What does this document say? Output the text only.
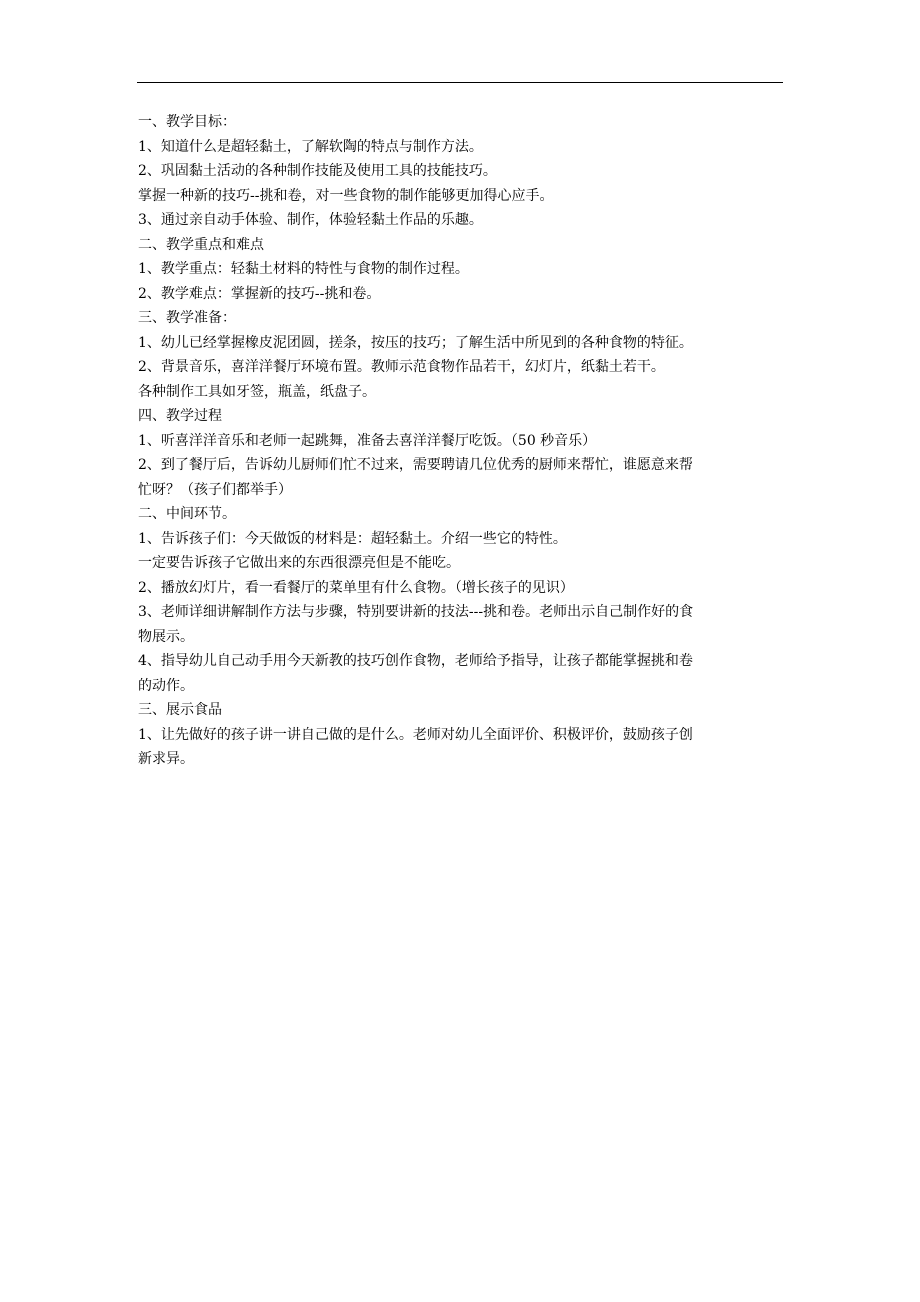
一、教学目标：
1、知道什么是超轻黏土，了解软陶的特点与制作方法。
2、巩固黏土活动的各种制作技能及使用工具的技能技巧。
掌握一种新的技巧--挑和卷，对一些食物的制作能够更加得心应手。
3、通过亲自动手体验、制作，体验轻黏土作品的乐趣。
二、教学重点和难点
1、教学重点：轻黏土材料的特性与食物的制作过程。
2、教学难点：掌握新的技巧--挑和卷。
三、教学准备：
1、幼儿已经掌握橡皮泥团圆，搓条，按压的技巧；了解生活中所见到的各种食物的特征。
2、背景音乐，喜洋洋餐厅环境布置。教师示范食物作品若干，幻灯片，纸黏土若干。
各种制作工具如牙签，瓶盖，纸盘子。
四、教学过程
1、听喜洋洋音乐和老师一起跳舞，准备去喜洋洋餐厅吃饭。（50 秒音乐）
2、到了餐厅后，告诉幼儿厨师们忙不过来，需要聘请几位优秀的厨师来帮忙，谁愿意来帮
忙呀？（孩子们都举手）
二、中间环节。
1、告诉孩子们：今天做饭的材料是：超轻黏土。介绍一些它的特性。
一定要告诉孩子它做出来的东西很漂亮但是不能吃。
2、播放幻灯片，看一看餐厅的菜单里有什么食物。（增长孩子的见识）
3、老师详细讲解制作方法与步骤，特别要讲新的技法---挑和卷。老师出示自己制作好的食
物展示。
4、指导幼儿自己动手用今天新教的技巧创作食物，老师给予指导，让孩子都能掌握挑和卷
的动作。
三、展示食品
1、让先做好的孩子讲一讲自己做的是什么。老师对幼儿全面评价、积极评价，鼓励孩子创
新求异。
